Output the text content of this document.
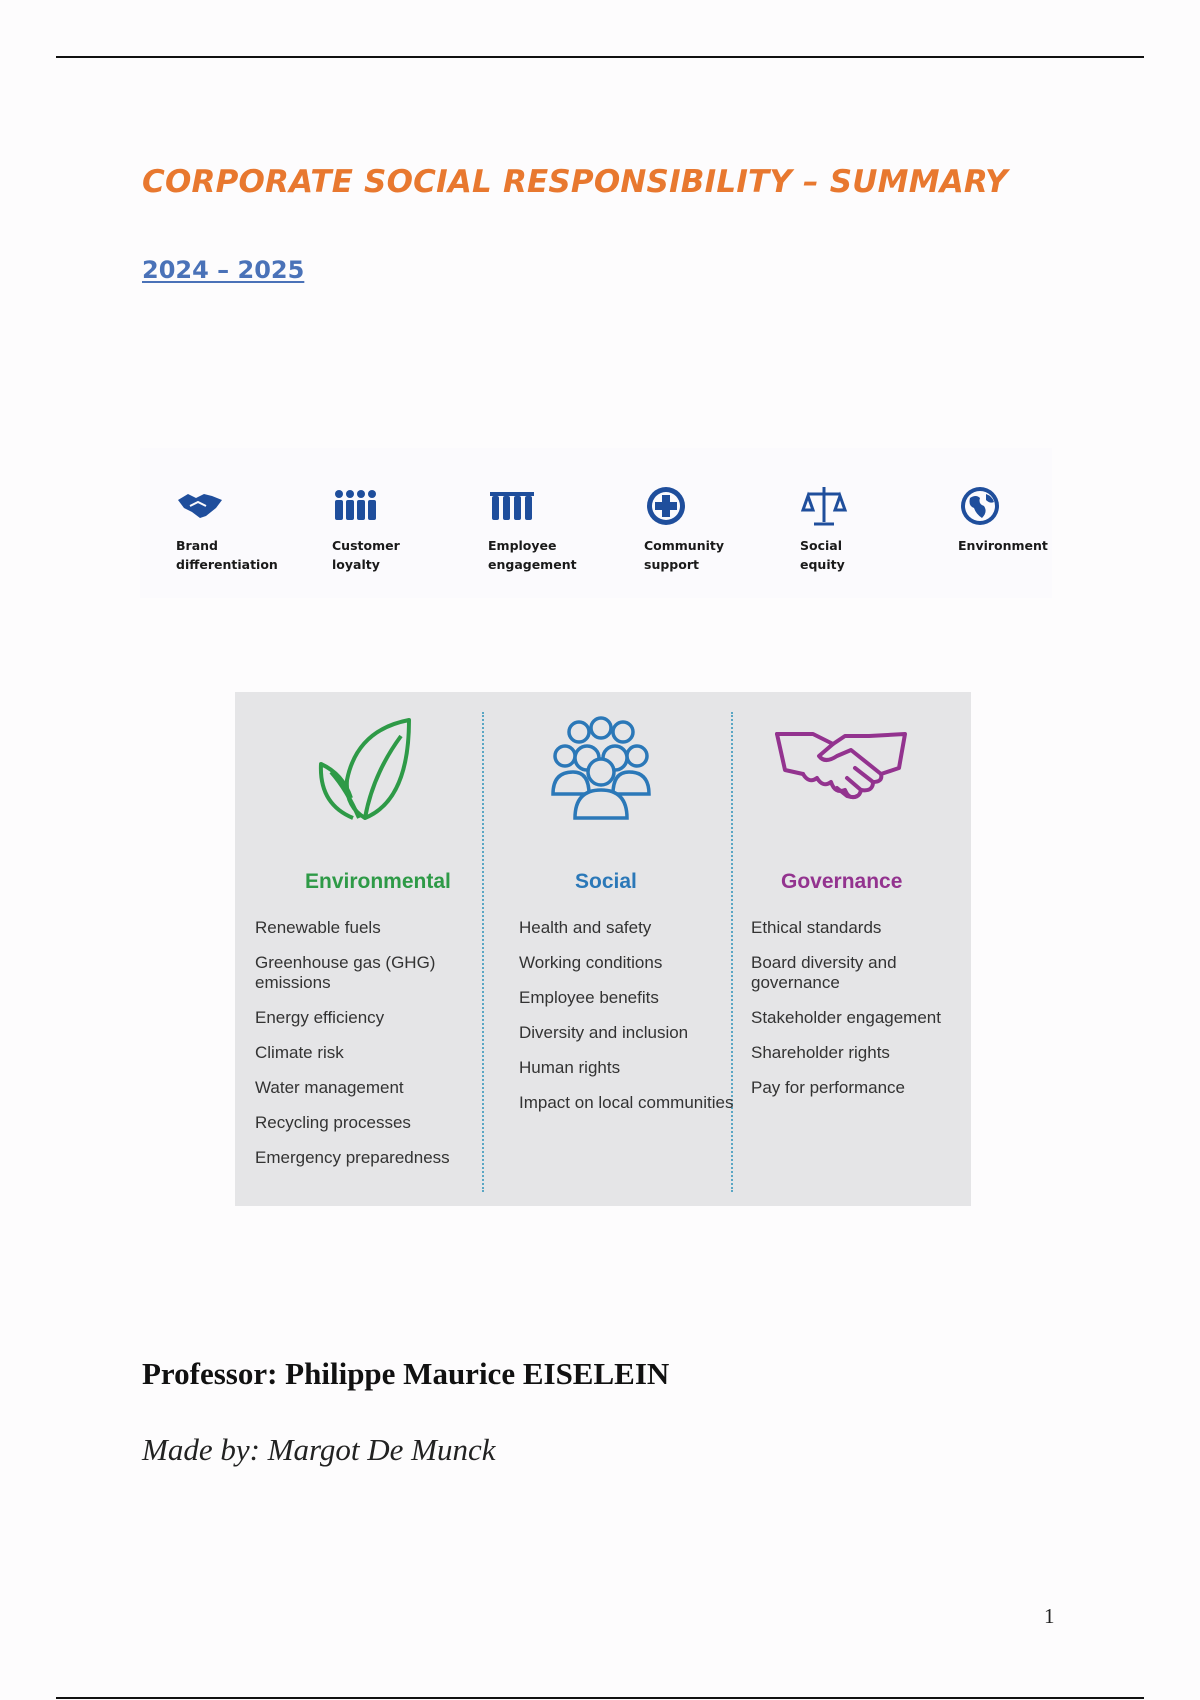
CORPORATE SOCIAL RESPONSIBILITY – SUMMARY
2024 – 2025
Brand
differentiation
Customer
loyalty
Employee
engagement
Community
support
Social
equity
Environment
Environmental
Renewable fuels
Greenhouse gas (GHG) emissions
Energy efficiency
Climate risk
Water management
Recycling processes
Emergency preparedness
Social
Health and safety
Working conditions
Employee benefits
Diversity and inclusion
Human rights
Impact on local communities
Governance
Ethical standards
Board diversity and governance
Stakeholder engagement
Shareholder rights
Pay for performance
Professor: Philippe Maurice EISELEIN
Made by: Margot De Munck
1
